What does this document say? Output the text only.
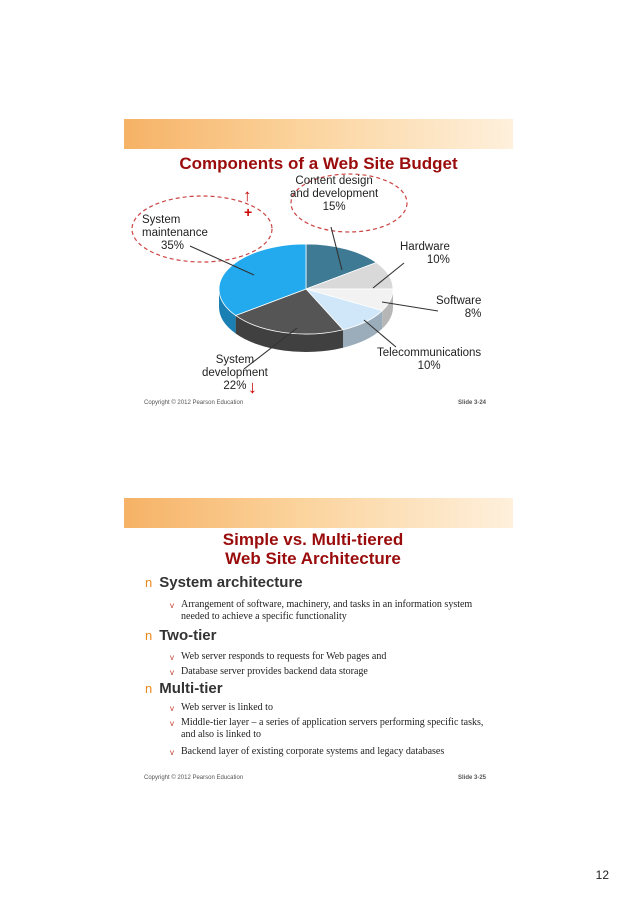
Components of a Web Site Budget
Content design
and development
15%
System
maintenance
35%	Hardware
10%
Software
8%
Telecommunications
10%
System
development
22%
↑
+
↓
Copyright © 2012 Pearson Education	Slide 3-24
Simple vs. Multi-tiered
Web Site Architecture
n System architecture
v Arrangement of software, machinery, and tasks in an information system needed to achieve a specific functionality
n Two-tier
v Web server responds to requests for Web pages and
v Database server provides backend data storage
n Multi-tier
v Web server is linked to
v Middle-tier layer – a series of application servers performing specific tasks, and also is linked to
v Backend layer of existing corporate systems and legacy databases
Copyright © 2012 Pearson Education	Slide 3-25
12
